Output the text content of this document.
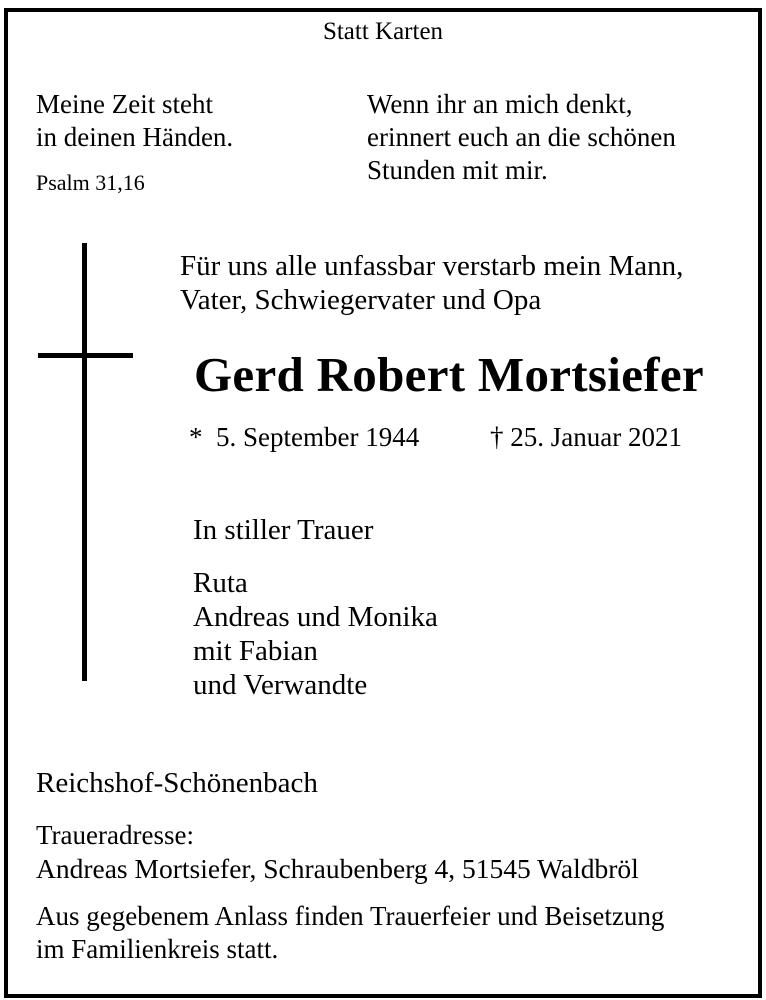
Statt Karten
Meine Zeit steht
in deinen Händen.
Psalm 31,16
Wenn ihr an mich denkt,
erinnert euch an die schönen
Stunden mit mir.
Für uns alle unfassbar verstarb mein Mann,
Vater, Schwiegervater und Opa
Gerd Robert Mortsiefer
*  5. September 1944	† 25. Januar 2021
In stiller Trauer
Ruta
Andreas und Monika
mit Fabian
und Verwandte
Reichshof-Schönenbach
Traueradresse:
Andreas Mortsiefer, Schraubenberg 4, 51545 Waldbröl
Aus gegebenem Anlass finden Trauerfeier und Beisetzung
im Familienkreis statt.
